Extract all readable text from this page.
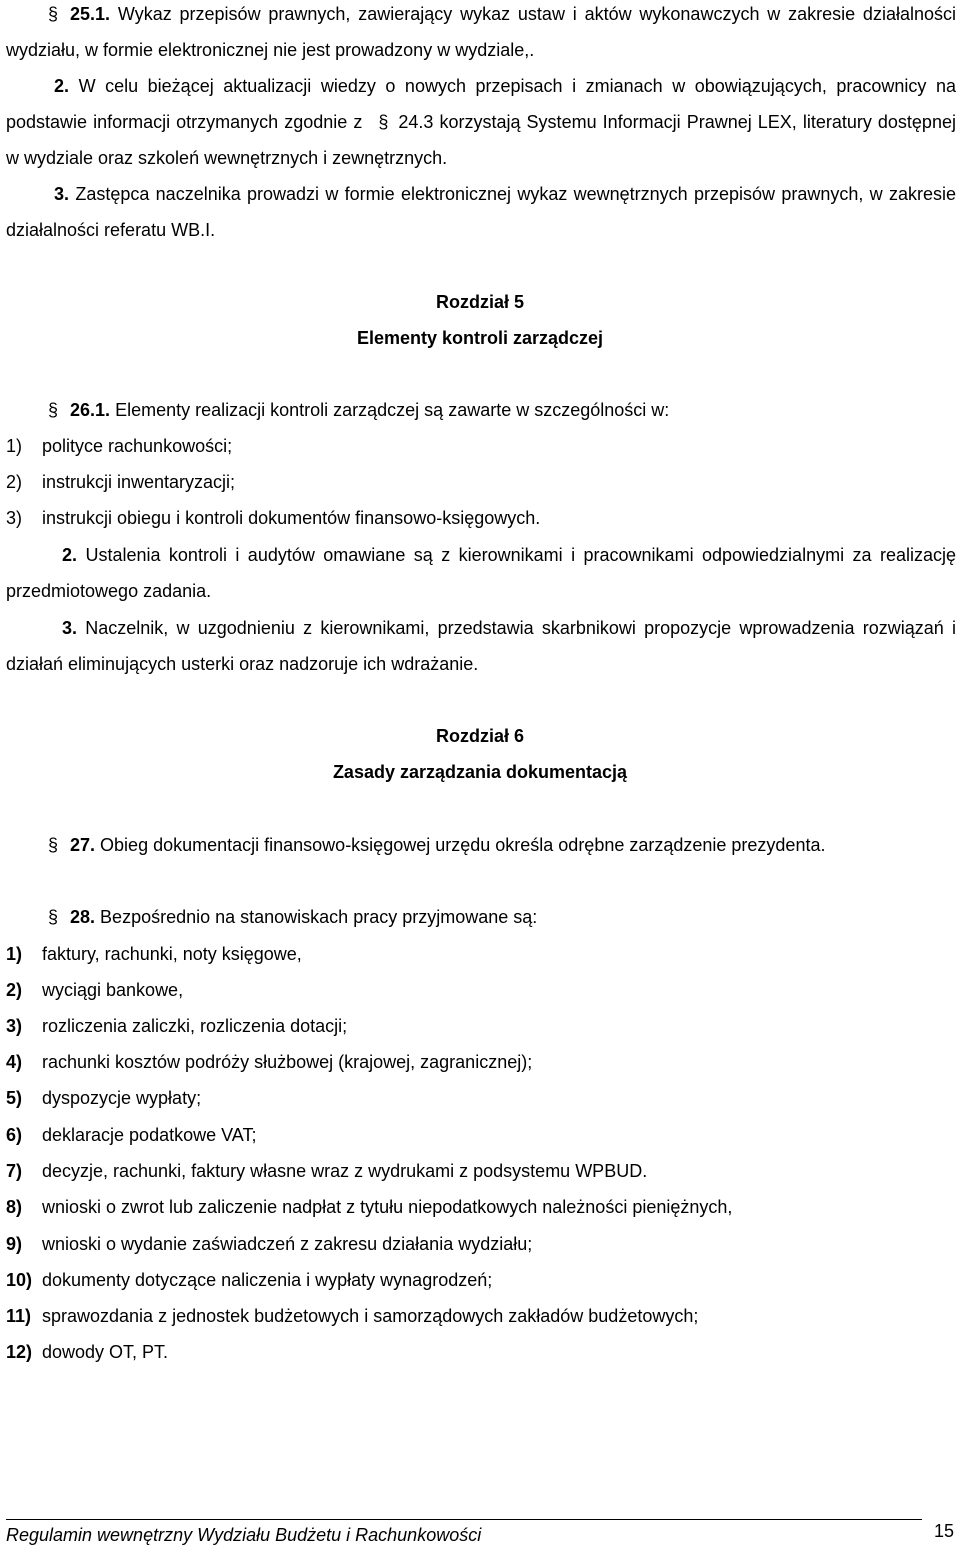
§ 25.1. Wykaz przepisów prawnych, zawierający wykaz ustaw i aktów wykonawczych w zakresie działalności wydziału, w formie elektronicznej nie jest prowadzony w wydziale,.
2. W celu bieżącej aktualizacji wiedzy o nowych przepisach i zmianach w obowiązujących, pracownicy na podstawie informacji otrzymanych zgodnie z § 24.3 korzystają Systemu Informacji Prawnej LEX, literatury dostępnej w wydziale oraz szkoleń wewnętrznych i zewnętrznych.
3. Zastępca naczelnika prowadzi w formie elektronicznej wykaz wewnętrznych przepisów prawnych, w zakresie działalności referatu WB.I.
Rozdział 5
Elementy kontroli zarządczej
§ 26.1. Elementy realizacji kontroli zarządczej są zawarte w szczególności w:
1) polityce rachunkowości;
2) instrukcji inwentaryzacji;
3) instrukcji obiegu i kontroli dokumentów finansowo-księgowych.
2. Ustalenia kontroli i audytów omawiane są z kierownikami i pracownikami odpowiedzialnymi za realizację przedmiotowego zadania.
3. Naczelnik, w uzgodnieniu z kierownikami, przedstawia skarbnikowi propozycje wprowadzenia rozwiązań i działań eliminujących usterki oraz nadzoruje ich wdrażanie.
Rozdział 6
Zasady zarządzania dokumentacją
§ 27. Obieg dokumentacji finansowo-księgowej urzędu określa odrębne zarządzenie prezydenta.
§ 28. Bezpośrednio na stanowiskach pracy przyjmowane są:
1) faktury, rachunki, noty księgowe,
2) wyciągi bankowe,
3) rozliczenia zaliczki, rozliczenia dotacji;
4) rachunki kosztów podróży służbowej (krajowej, zagranicznej);
5) dyspozycje wypłaty;
6) deklaracje podatkowe VAT;
7) decyzje, rachunki, faktury własne wraz z wydrukami z podsystemu WPBUD.
8) wnioski o zwrot lub zaliczenie nadpłat z tytułu niepodatkowych należności pieniężnych,
9) wnioski o wydanie zaświadczeń z zakresu działania wydziału;
10) dokumenty dotyczące naliczenia i wypłaty wynagrodzeń;
11) sprawozdania z jednostek budżetowych i samorządowych zakładów budżetowych;
12) dowody OT, PT.
Regulamin wewnętrzny Wydziału Budżetu i Rachunkowości	15
